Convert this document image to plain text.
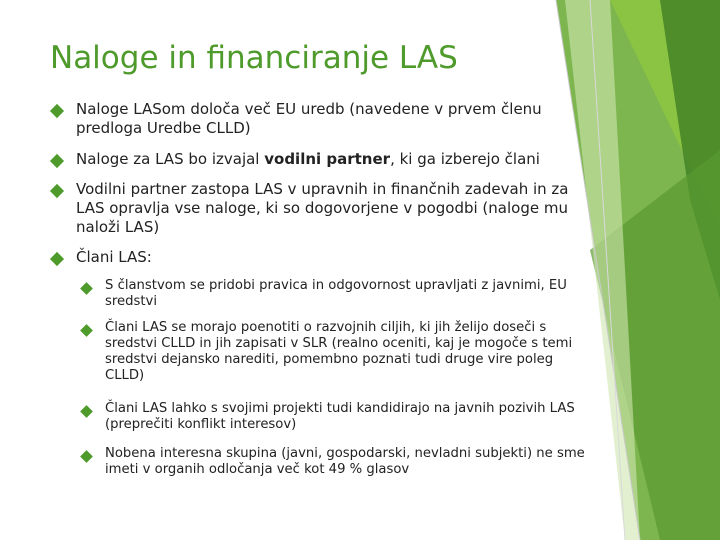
Naloge in financiranje LAS
Naloge LASom določa več EU uredb (navedene v prvem členu predloga Uredbe CLLD)
Naloge za LAS bo izvajal vodilni partner, ki ga izberejo člani
Vodilni partner zastopa LAS v upravnih in finančnih zadevah in za LAS opravlja vse naloge, ki so dogovorjene v pogodbi (naloge mu naloži LAS)
Člani LAS:
S članstvom se pridobi pravica in odgovornost upravljati z javnimi, EU sredstvi
Člani LAS se morajo poenotiti o razvojnih ciljih, ki jih želijo doseči s sredstvi CLLD in jih zapisati v SLR (realno oceniti, kaj je mogoče s temi sredstvi dejansko narediti, pomembno poznati tudi druge vire poleg CLLD)
Člani LAS lahko s svojimi projekti tudi kandidirajo na javnih pozivih LAS (preprečiti konflikt interesov)
Nobena interesna skupina (javni, gospodarski, nevladni subjekti) ne sme imeti v organih odločanja več kot 49 % glasov
